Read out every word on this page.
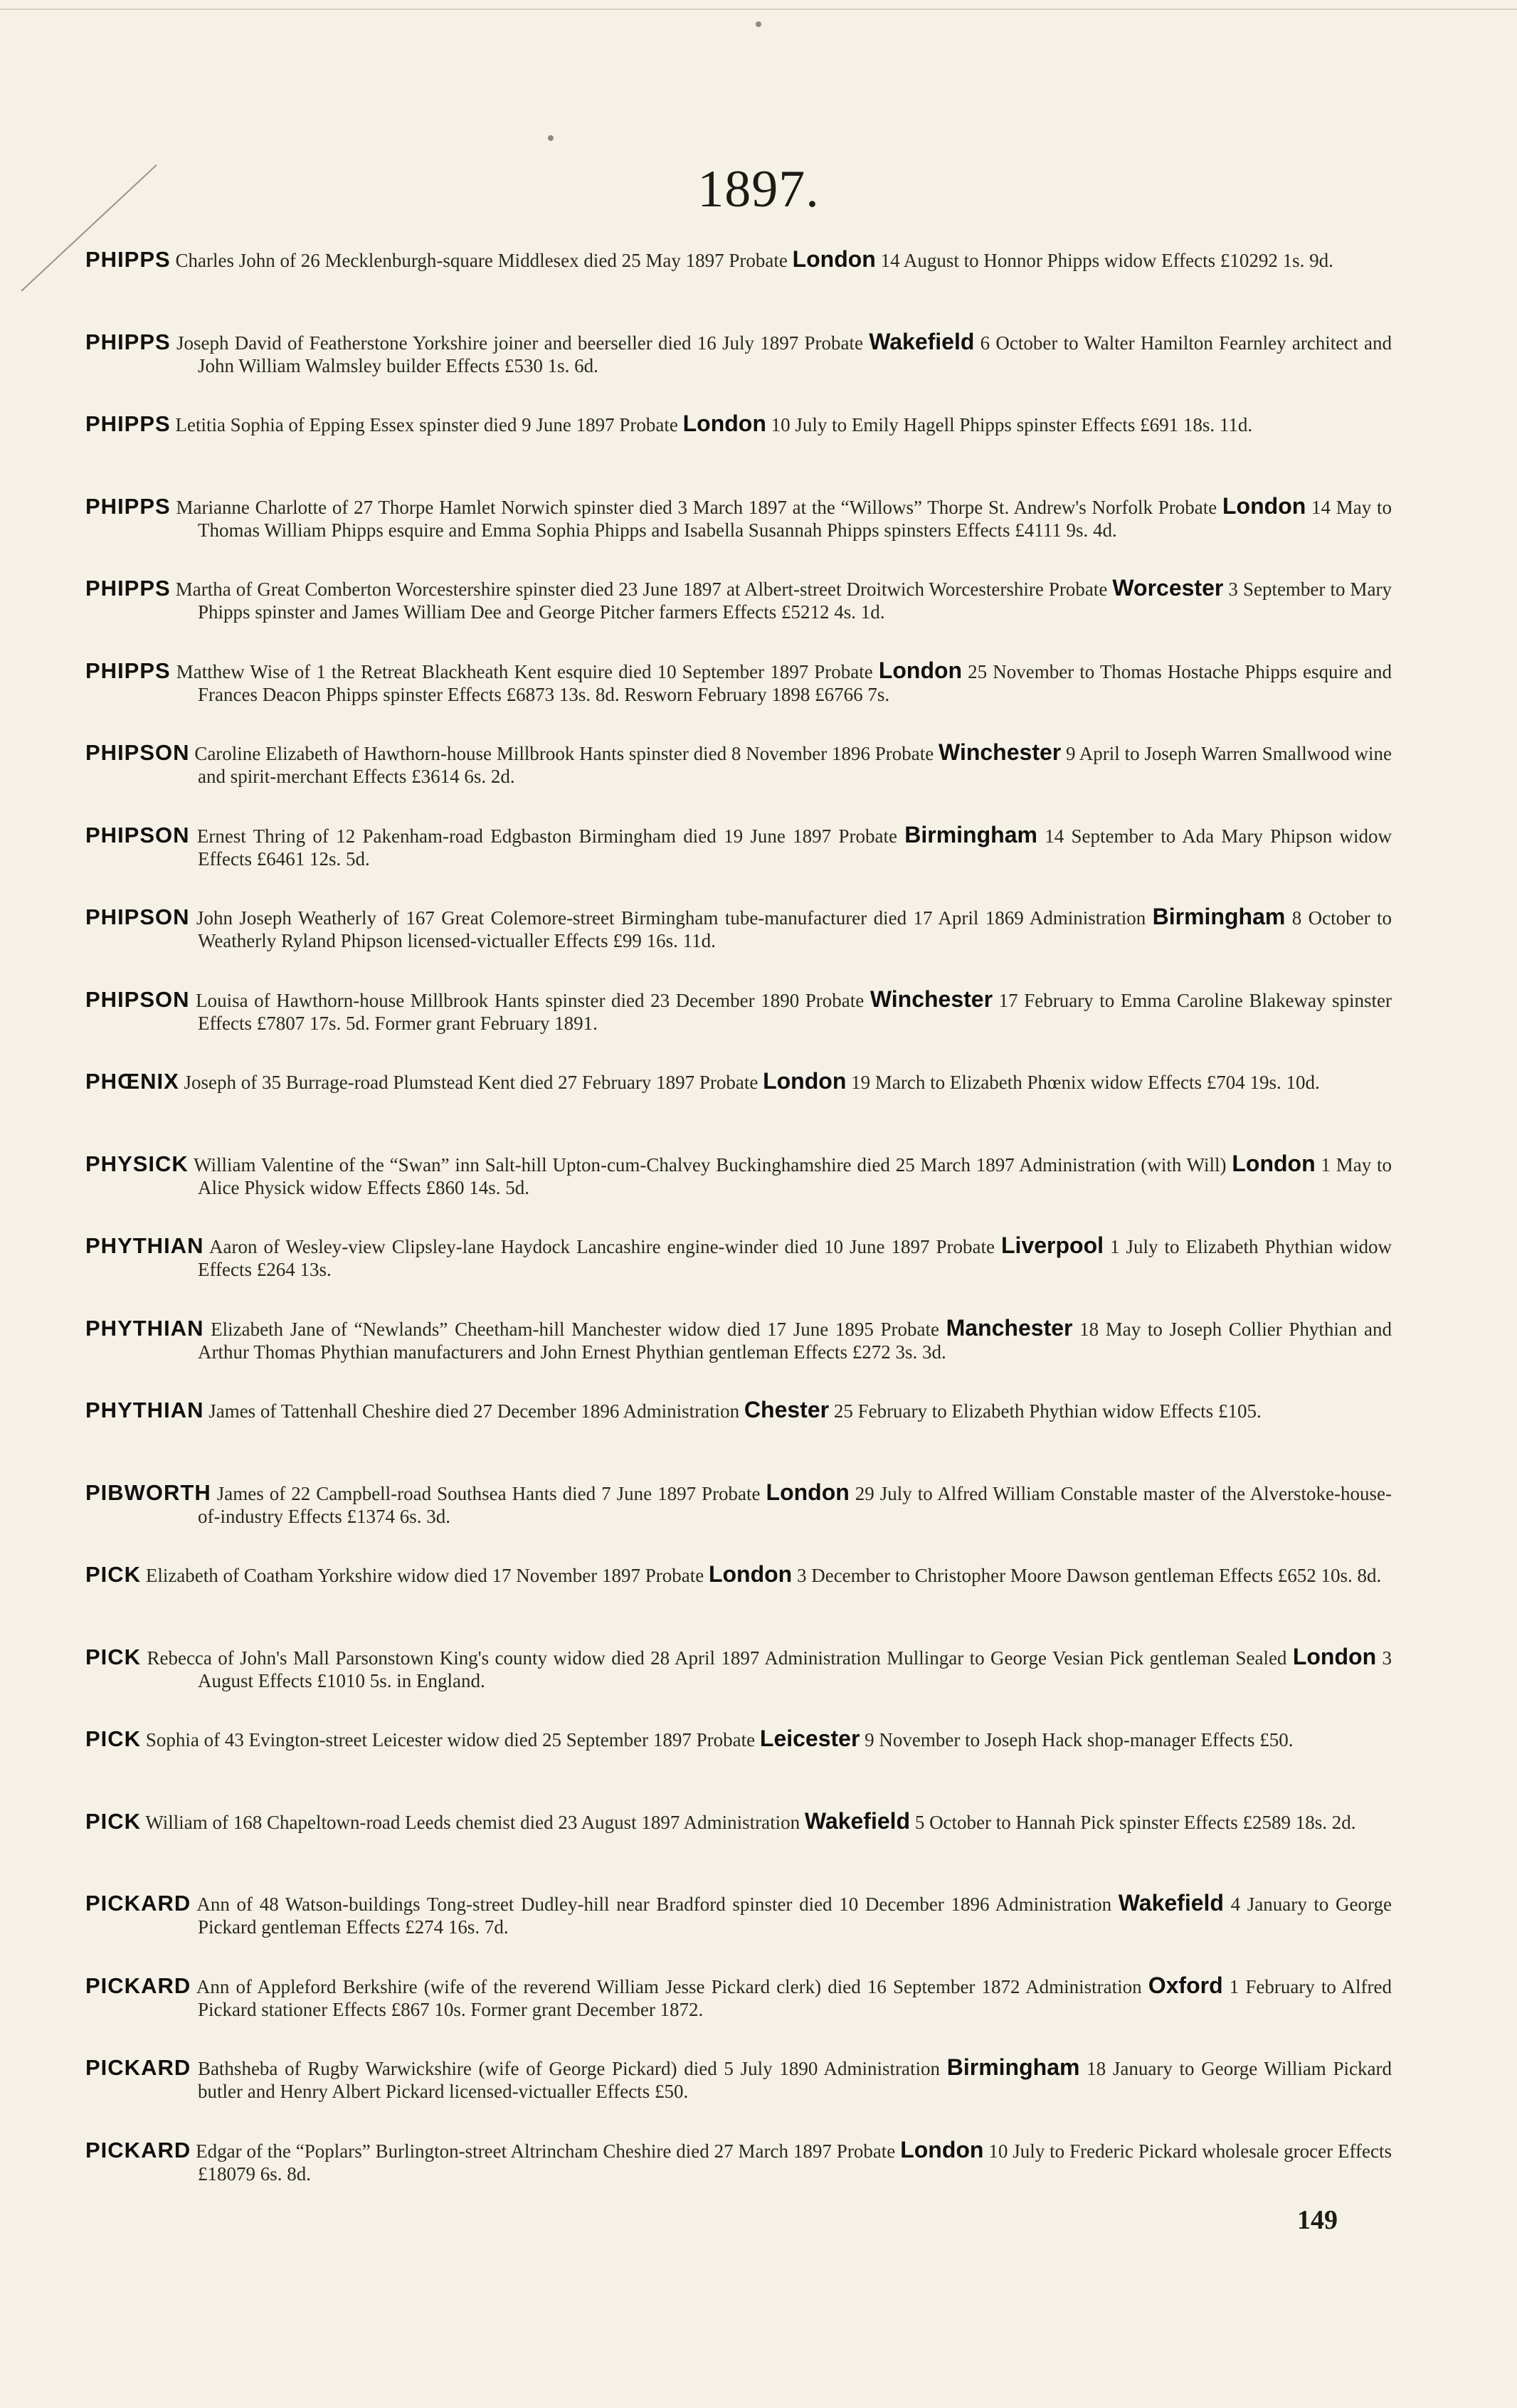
1897.
PHIPPS Charles John of 26 Mecklenburgh-square Middlesex died 25 May 1897 Probate London 14 August to Honnor Phipps widow Effects £10292 1s. 9d.
PHIPPS Joseph David of Featherstone Yorkshire joiner and beerseller died 16 July 1897 Probate Wakefield 6 October to Walter Hamilton Fearnley architect and John William Walmsley builder Effects £530 1s. 6d.
PHIPPS Letitia Sophia of Epping Essex spinster died 9 June 1897 Probate London 10 July to Emily Hagell Phipps spinster Effects £691 18s. 11d.
PHIPPS Marianne Charlotte of 27 Thorpe Hamlet Norwich spinster died 3 March 1897 at the “Willows” Thorpe St. Andrew's Norfolk Probate London 14 May to Thomas William Phipps esquire and Emma Sophia Phipps and Isabella Susannah Phipps spinsters Effects £4111 9s. 4d.
PHIPPS Martha of Great Comberton Worcestershire spinster died 23 June 1897 at Albert-street Droitwich Worcestershire Probate Worcester 3 September to Mary Phipps spinster and James William Dee and George Pitcher farmers Effects £5212 4s. 1d.
PHIPPS Matthew Wise of 1 the Retreat Blackheath Kent esquire died 10 September 1897 Probate London 25 November to Thomas Hostache Phipps esquire and Frances Deacon Phipps spinster Effects £6873 13s. 8d. Resworn February 1898 £6766 7s.
PHIPSON Caroline Elizabeth of Hawthorn-house Millbrook Hants spinster died 8 November 1896 Probate Winchester 9 April to Joseph Warren Smallwood wine and spirit-merchant Effects £3614 6s. 2d.
PHIPSON Ernest Thring of 12 Pakenham-road Edgbaston Birmingham died 19 June 1897 Probate Birmingham 14 September to Ada Mary Phipson widow Effects £6461 12s. 5d.
PHIPSON John Joseph Weatherly of 167 Great Colemore-street Birmingham tube-manufacturer died 17 April 1869 Administration Birmingham 8 October to Weatherly Ryland Phipson licensed-victualler Effects £99 16s. 11d.
PHIPSON Louisa of Hawthorn-house Millbrook Hants spinster died 23 December 1890 Probate Winchester 17 February to Emma Caroline Blakeway spinster Effects £7807 17s. 5d. Former grant February 1891.
PHŒNIX Joseph of 35 Burrage-road Plumstead Kent died 27 February 1897 Probate London 19 March to Elizabeth Phœnix widow Effects £704 19s. 10d.
PHYSICK William Valentine of the “Swan” inn Salt-hill Upton-cum-Chalvey Buckinghamshire died 25 March 1897 Administration (with Will) London 1 May to Alice Physick widow Effects £860 14s. 5d.
PHYTHIAN Aaron of Wesley-view Clipsley-lane Haydock Lancashire engine-winder died 10 June 1897 Probate Liverpool 1 July to Elizabeth Phythian widow Effects £264 13s.
PHYTHIAN Elizabeth Jane of “Newlands” Cheetham-hill Manchester widow died 17 June 1895 Probate Manchester 18 May to Joseph Collier Phythian and Arthur Thomas Phythian manufacturers and John Ernest Phythian gentleman Effects £272 3s. 3d.
PHYTHIAN James of Tattenhall Cheshire died 27 December 1896 Administration Chester 25 February to Elizabeth Phythian widow Effects £105.
PIBWORTH James of 22 Campbell-road Southsea Hants died 7 June 1897 Probate London 29 July to Alfred William Constable master of the Alverstoke-house-of-industry Effects £1374 6s. 3d.
PICK Elizabeth of Coatham Yorkshire widow died 17 November 1897 Probate London 3 December to Christopher Moore Dawson gentleman Effects £652 10s. 8d.
PICK Rebecca of John's Mall Parsonstown King's county widow died 28 April 1897 Administration Mullingar to George Vesian Pick gentleman Sealed London 3 August Effects £1010 5s. in England.
PICK Sophia of 43 Evington-street Leicester widow died 25 September 1897 Probate Leicester 9 November to Joseph Hack shop-manager Effects £50.
PICK William of 168 Chapeltown-road Leeds chemist died 23 August 1897 Administration Wakefield 5 October to Hannah Pick spinster Effects £2589 18s. 2d.
PICKARD Ann of 48 Watson-buildings Tong-street Dudley-hill near Bradford spinster died 10 December 1896 Administration Wakefield 4 January to George Pickard gentleman Effects £274 16s. 7d.
PICKARD Ann of Appleford Berkshire (wife of the reverend William Jesse Pickard clerk) died 16 September 1872 Administration Oxford 1 February to Alfred Pickard stationer Effects £867 10s. Former grant December 1872.
PICKARD Bathsheba of Rugby Warwickshire (wife of George Pickard) died 5 July 1890 Administration Birmingham 18 January to George William Pickard butler and Henry Albert Pickard licensed-victualler Effects £50.
PICKARD Edgar of the “Poplars” Burlington-street Altrincham Cheshire died 27 March 1897 Probate London 10 July to Frederic Pickard wholesale grocer Effects £18079 6s. 8d.
149
